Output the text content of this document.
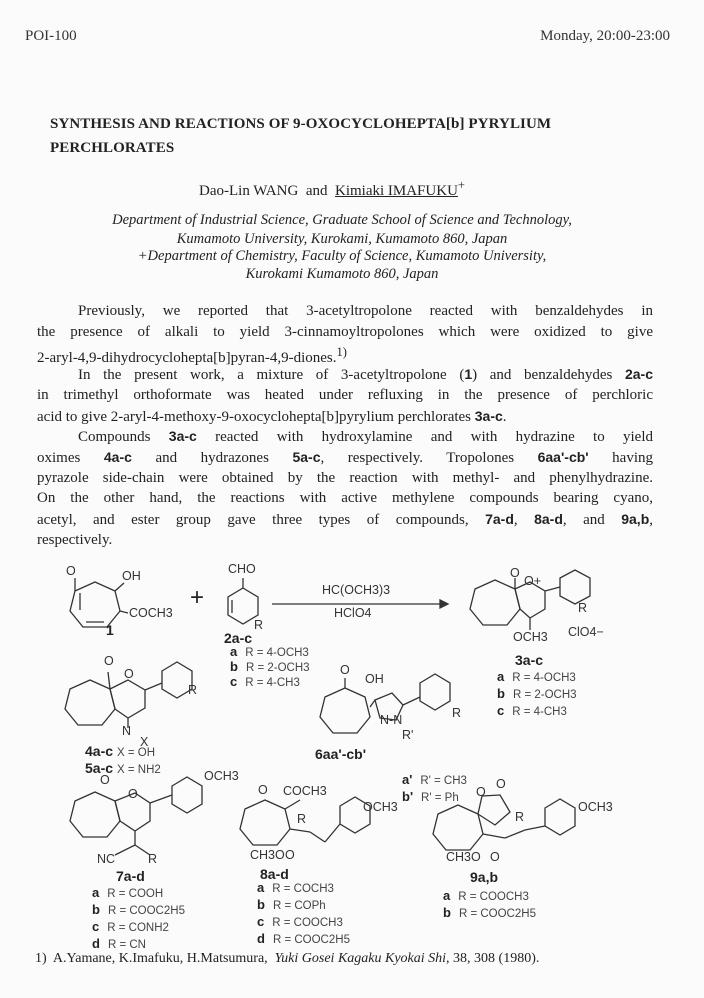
POI-100	Monday, 20:00-23:00
SYNTHESIS AND REACTIONS OF 9-OXOCYCLOHEPTA[b] PYRYLIUM
PERCHLORATES
Dao-Lin WANG and Kimiaki IMAFUKU+
Department of Industrial Science, Graduate School of Science and Technology,
Kumamoto University, Kurokami, Kumamoto 860, Japan
+Department of Chemistry, Faculty of Science, Kumamoto University,
Kurokami Kumamoto 860, Japan
Previously, we reported that 3-acetyltropolone reacted with benzaldehydes in
the presence of alkali to yield 3-cinnamoyltropolones which were oxidized to give
2-aryl-4,9-dihydrocyclohepta[b]pyran-4,9-diones.$^{1)}$
In the present work, a mixture of 3-acetyltropolone (1) and benzaldehydes 2a-c
in trimethyl orthoformate was heated under refluxing in the presence of perchloric
acid to give 2-aryl-4-methoxy-9-oxocyclohepta[b]pyrylium perchlorates 3a-c.
Compounds 3a-c reacted with hydroxylamine and with hydrazine to yield
oximes 4a-c and hydrazones 5a-c, respectively. Tropolones 6aa'-cb' having
pyrazole side-chain were obtained by the reaction with methyl- and phenylhydrazine.
On the other hand, the reactions with active methylene compounds bearing cyano,
acetyl, and ester group gave three types of compounds, 7a-d, 8a-d, and 9a,b,
respectively.
O	OH
COCH3
1
+
CHO
R
2a-c
a R = 4-OCH3
b R = 2-OCH3
c R = 4-CH3
HC(OCH3)3
HClO4
O
O+
R
ClO4−
OCH3
3a-c
a R = 4-OCH3
b R = 2-OCH3
c R = 4-CH3
O
O
R
N
X
4a-c X = OH
5a-c X = NH2
O
OH
N-N
R'
R
6aa'-cb'
a' R' = CH3
b' R' = Ph
O
O
OCH3
NC	R
7a-d
a R = COOH
b R = COOC2H5
c R = CONH2
d R = CN
O COCH3
R
OCH3
CH3O O
8a-d
a R = COCH3
b R = COPh
c R = COOCH3
d R = COOC2H5
O
O
R
OCH3
CH3O O
9a,b
a R = COOCH3
b R = COOC2H5
1) A.Yamane, K.Imafuku, H.Matsumura, Yuki Gosei Kagaku Kyokai Shi, 38, 308 (1980).
